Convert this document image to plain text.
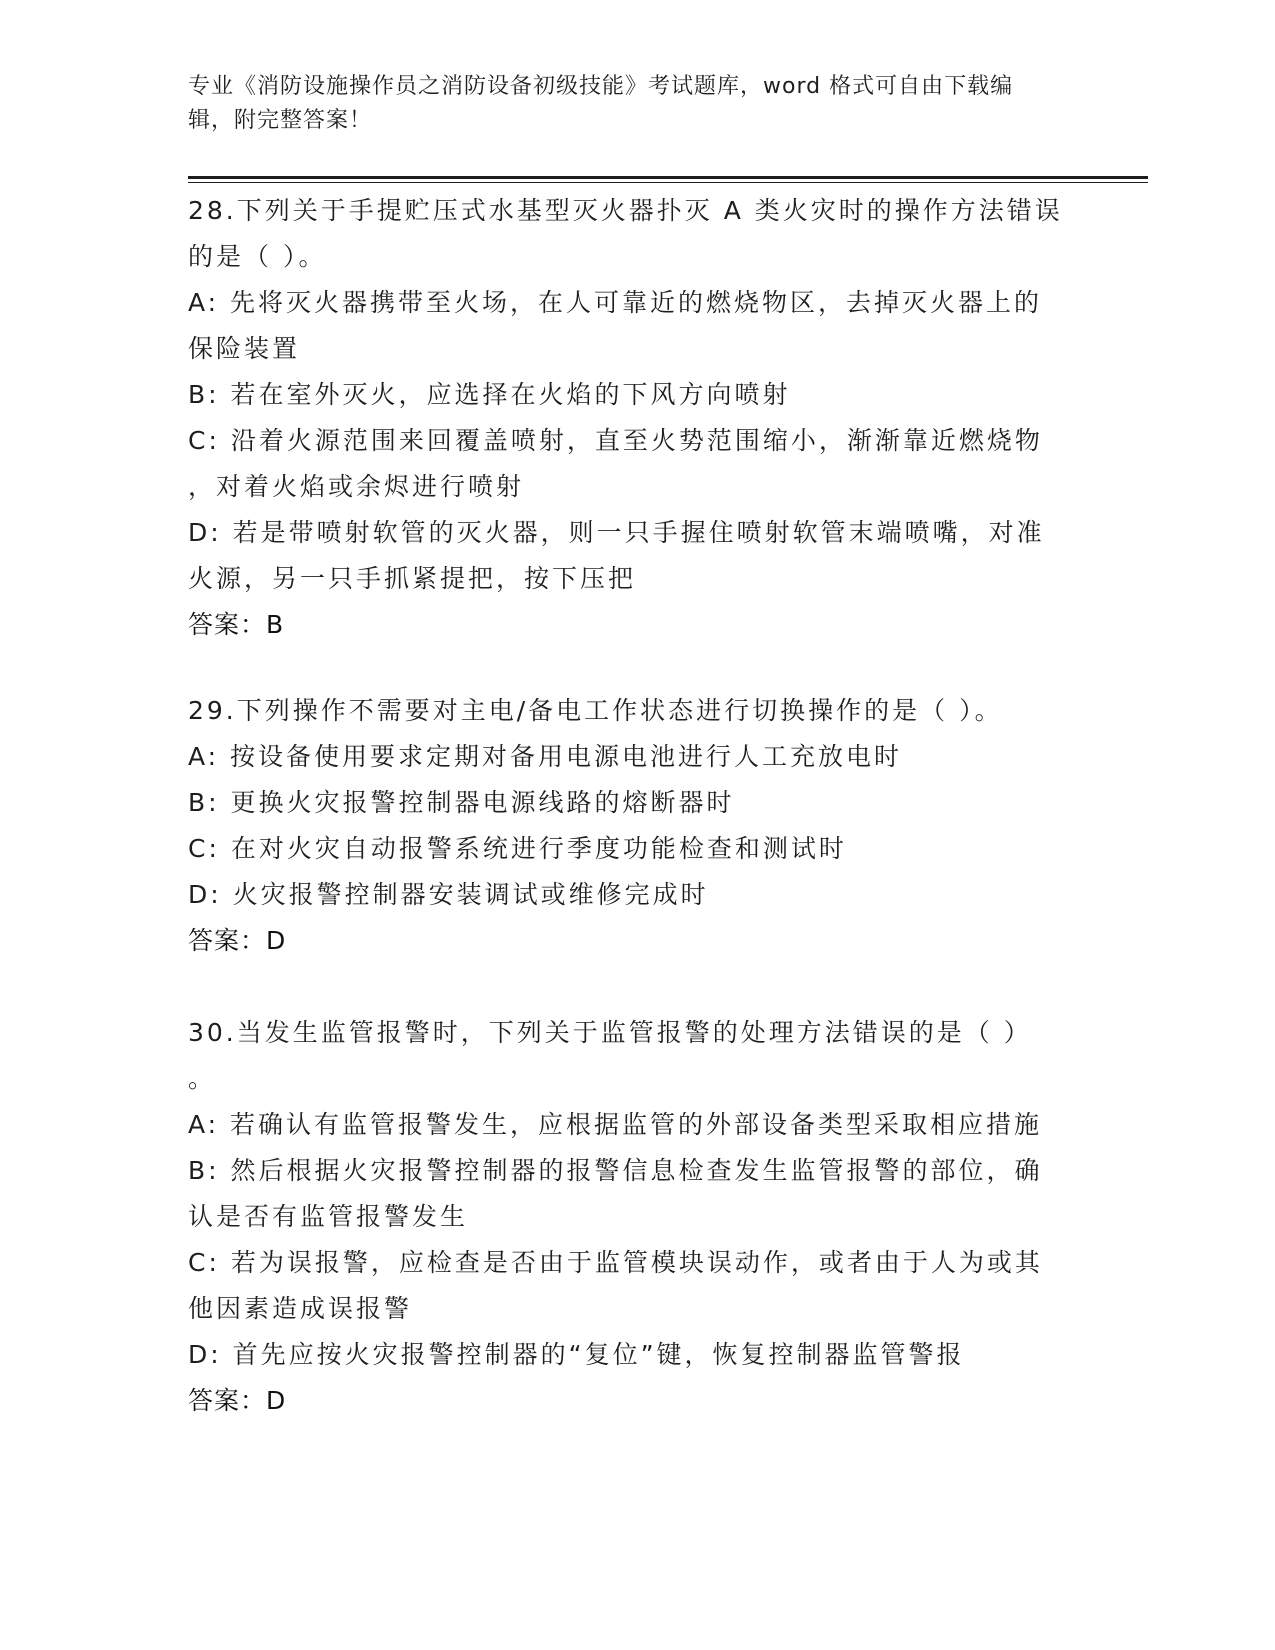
专业《消防设施操作员之消防设备初级技能》考试题库，word 格式可自由下载编
辑，附完整答案！
28.下列关于手提贮压式水基型灭火器扑灭 A 类火灾时的操作方法错误
的是（ ）。
A: 先将灭火器携带至火场，在人可靠近的燃烧物区，去掉灭火器上的
保险装置
B: 若在室外灭火，应选择在火焰的下风方向喷射
C: 沿着火源范围来回覆盖喷射，直至火势范围缩小，渐渐靠近燃烧物
，对着火焰或余烬进行喷射
D: 若是带喷射软管的灭火器，则一只手握住喷射软管末端喷嘴，对准
火源，另一只手抓紧提把，按下压把
答案：B
29.下列操作不需要对主电/备电工作状态进行切换操作的是（ ）。
A: 按设备使用要求定期对备用电源电池进行人工充放电时
B: 更换火灾报警控制器电源线路的熔断器时
C: 在对火灾自动报警系统进行季度功能检查和测试时
D: 火灾报警控制器安装调试或维修完成时
答案：D
30.当发生监管报警时，下列关于监管报警的处理方法错误的是（ ）
。
A: 若确认有监管报警发生，应根据监管的外部设备类型采取相应措施
B: 然后根据火灾报警控制器的报警信息检查发生监管报警的部位，确
认是否有监管报警发生
C: 若为误报警，应检查是否由于监管模块误动作，或者由于人为或其
他因素造成误报警
D: 首先应按火灾报警控制器的“复位”键，恢复控制器监管警报
答案：D
